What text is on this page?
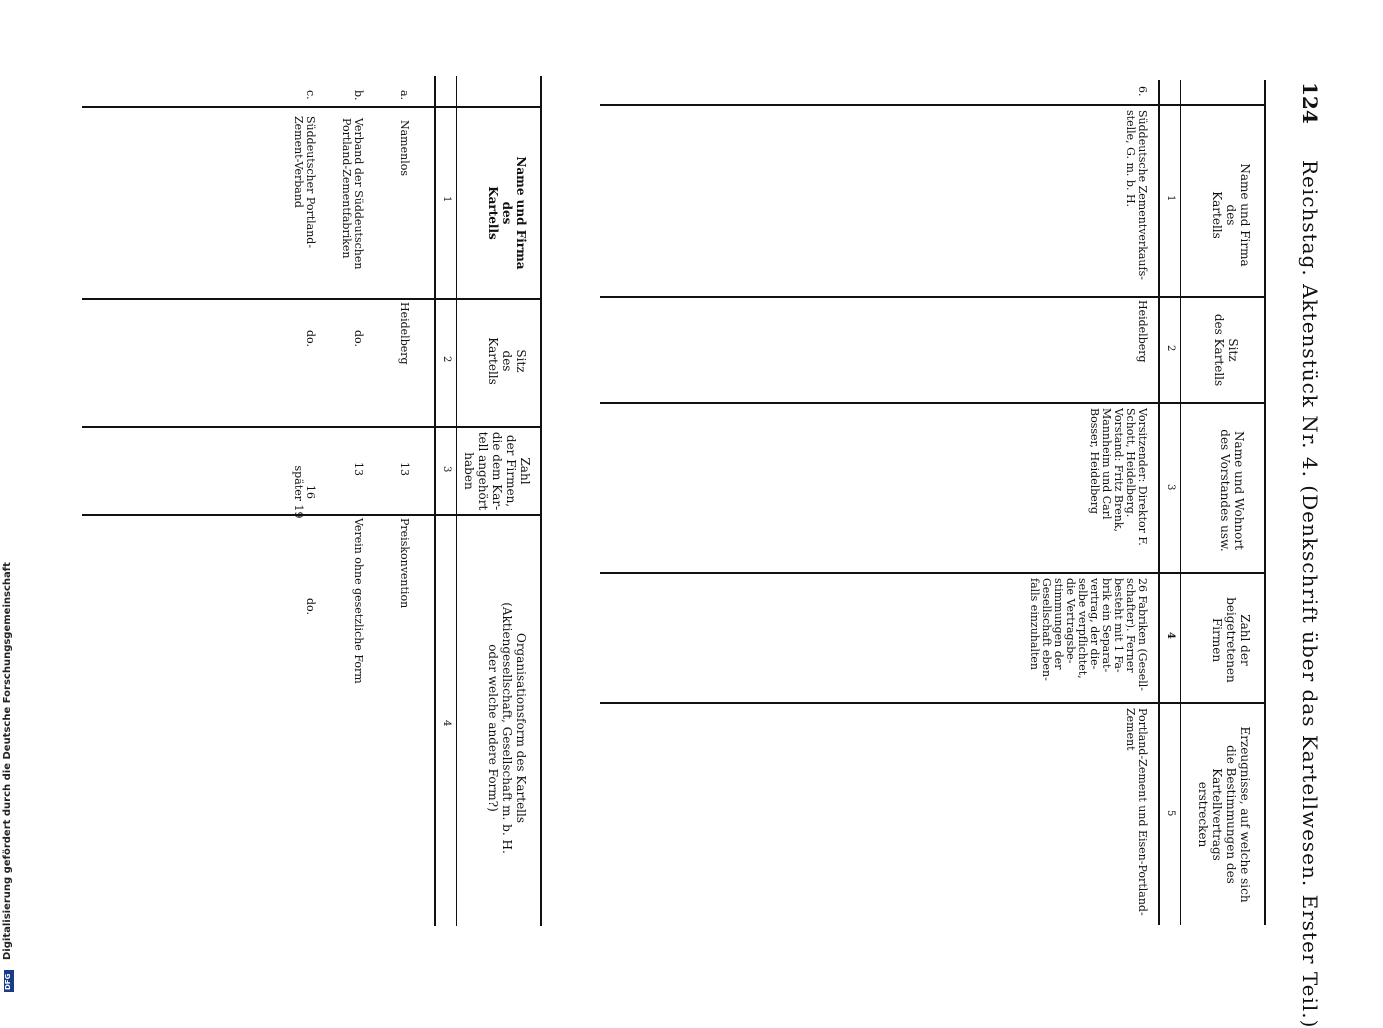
124
Reichstag. Aktenstück Nr. 4. (Denkschrift über das Kartellwesen. Erster Teil.)
Name und Firma
des
Kartells
1
Sitz
des Kartells
2
Name und Wohnort
des Vorstandes usw.
3
Zahl der
beigetretenen
Firmen
4
Erzeugnisse, auf welche sich
die Bestimmungen des Kartellvertrags
erstrecken
5
6.
Süddeutsche Zementverkaufs-
stelle, G. m. b. H.
Heidelberg
Vorsitzender: Direktor F.
Schott, Heidelberg.
Vorstand: Fritz Brenk,
Mannheim und Carl
Bosser, Heidelberg
26 Fabriken (Gesell-
schafter). Ferner
besteht mit 1 Fa-
brik ein Separat-
vertrag, der die-
selbe verpflichtet,
die Vertragsbe-
stimmungen der
Gesellschaft eben-
falls einzuhalten
Portland-Zement und Eisen-Portland-
Zement
Name und Firma
des
Kartells
1
Sitz
des
Kartells
2
Zahl
der Firmen,
die dem Kar-
tell angehört
haben
3
Organisationsform des Kartells
(Aktiengesellschaft, Gesellschaft m. b. H.
oder welche andere Form?)
4
a.
Namenlos
Heidelberg
13
Preiskonvention
b.
Verband der Süddeutschen
Portland-Zementfabriken
do.
13
Verein ohne gesetzliche Form
c.
Süddeutscher Portland-
Zement-Verband
do.
16
später 19
do.
Digitalisierung gefördert durch die Deutsche Forschungsgemeinschaft
DFG
